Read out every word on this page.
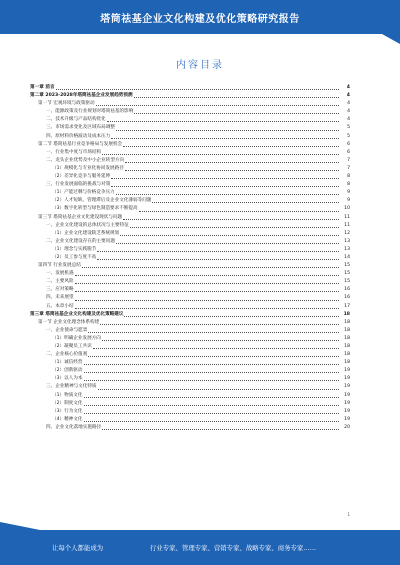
塔筒祛基企业文化构建及优化策略研究报告
内容目录
第一章 前言	4
第二章 2023-2028年塔筒祛基企业发展趋势预测	4
第一节 宏观环境与政策驱动	4
一、能源政策及行业规划对塔筒祛基的影响	4
二、技术升级与产品结构优化	4
三、市场需求变化及区域布局调整	5
四、原材料价格波动及成本压力	5
第二节 塔筒祛基行业竞争格局与发展机会	6
一、行业集中度与市场结构	6
二、龙头企业优势及中小企业转型方向	7
（1）规模化与专业化协同发展路径	7
（2）差异化竞争与服务延伸	8
三、行业发展面临的挑战与对策	8
（1）产能过剩与价格竞争压力	9
（2）人才短缺、管理滞后及企业文化薄弱等问题	9
（3）数字化转型与绿色制造要求不断提高	10
第三节 塔筒祛基企业文化建设现状与问题	11
一、企业文化建设的总体状况与主要特征	11
（1）企业文化建设缺乏系统规划	12
二、企业文化建设存在的主要问题	13
（1）理念与实践脱节	13
（2）员工参与度不高	14
第四节 行业发展总结	15
一、发展机遇	15
二、主要风险	15
三、应对策略	16
四、未来展望	16
五、本章小结	17
第三章 塔筒祛基企业文化构建及优化策略建议	18
第一节 企业文化理念体系构建	18
一、企业使命与愿景	18
（1）明确企业发展方向	18
（2）凝聚员工共识	18
二、企业核心价值观	18
（1）诚信经营	18
（2）创新驱动	19
（3）以人为本	19
三、企业精神与文化特质	19
（1）物质文化	19
（2）制度文化	19
（3）行为文化	19
（4）精神文化	19
四、企业文化落地实施路径	20
1
让每个人都能成为	行业专家、管理专家、营销专家、战略专家、商务专家……
